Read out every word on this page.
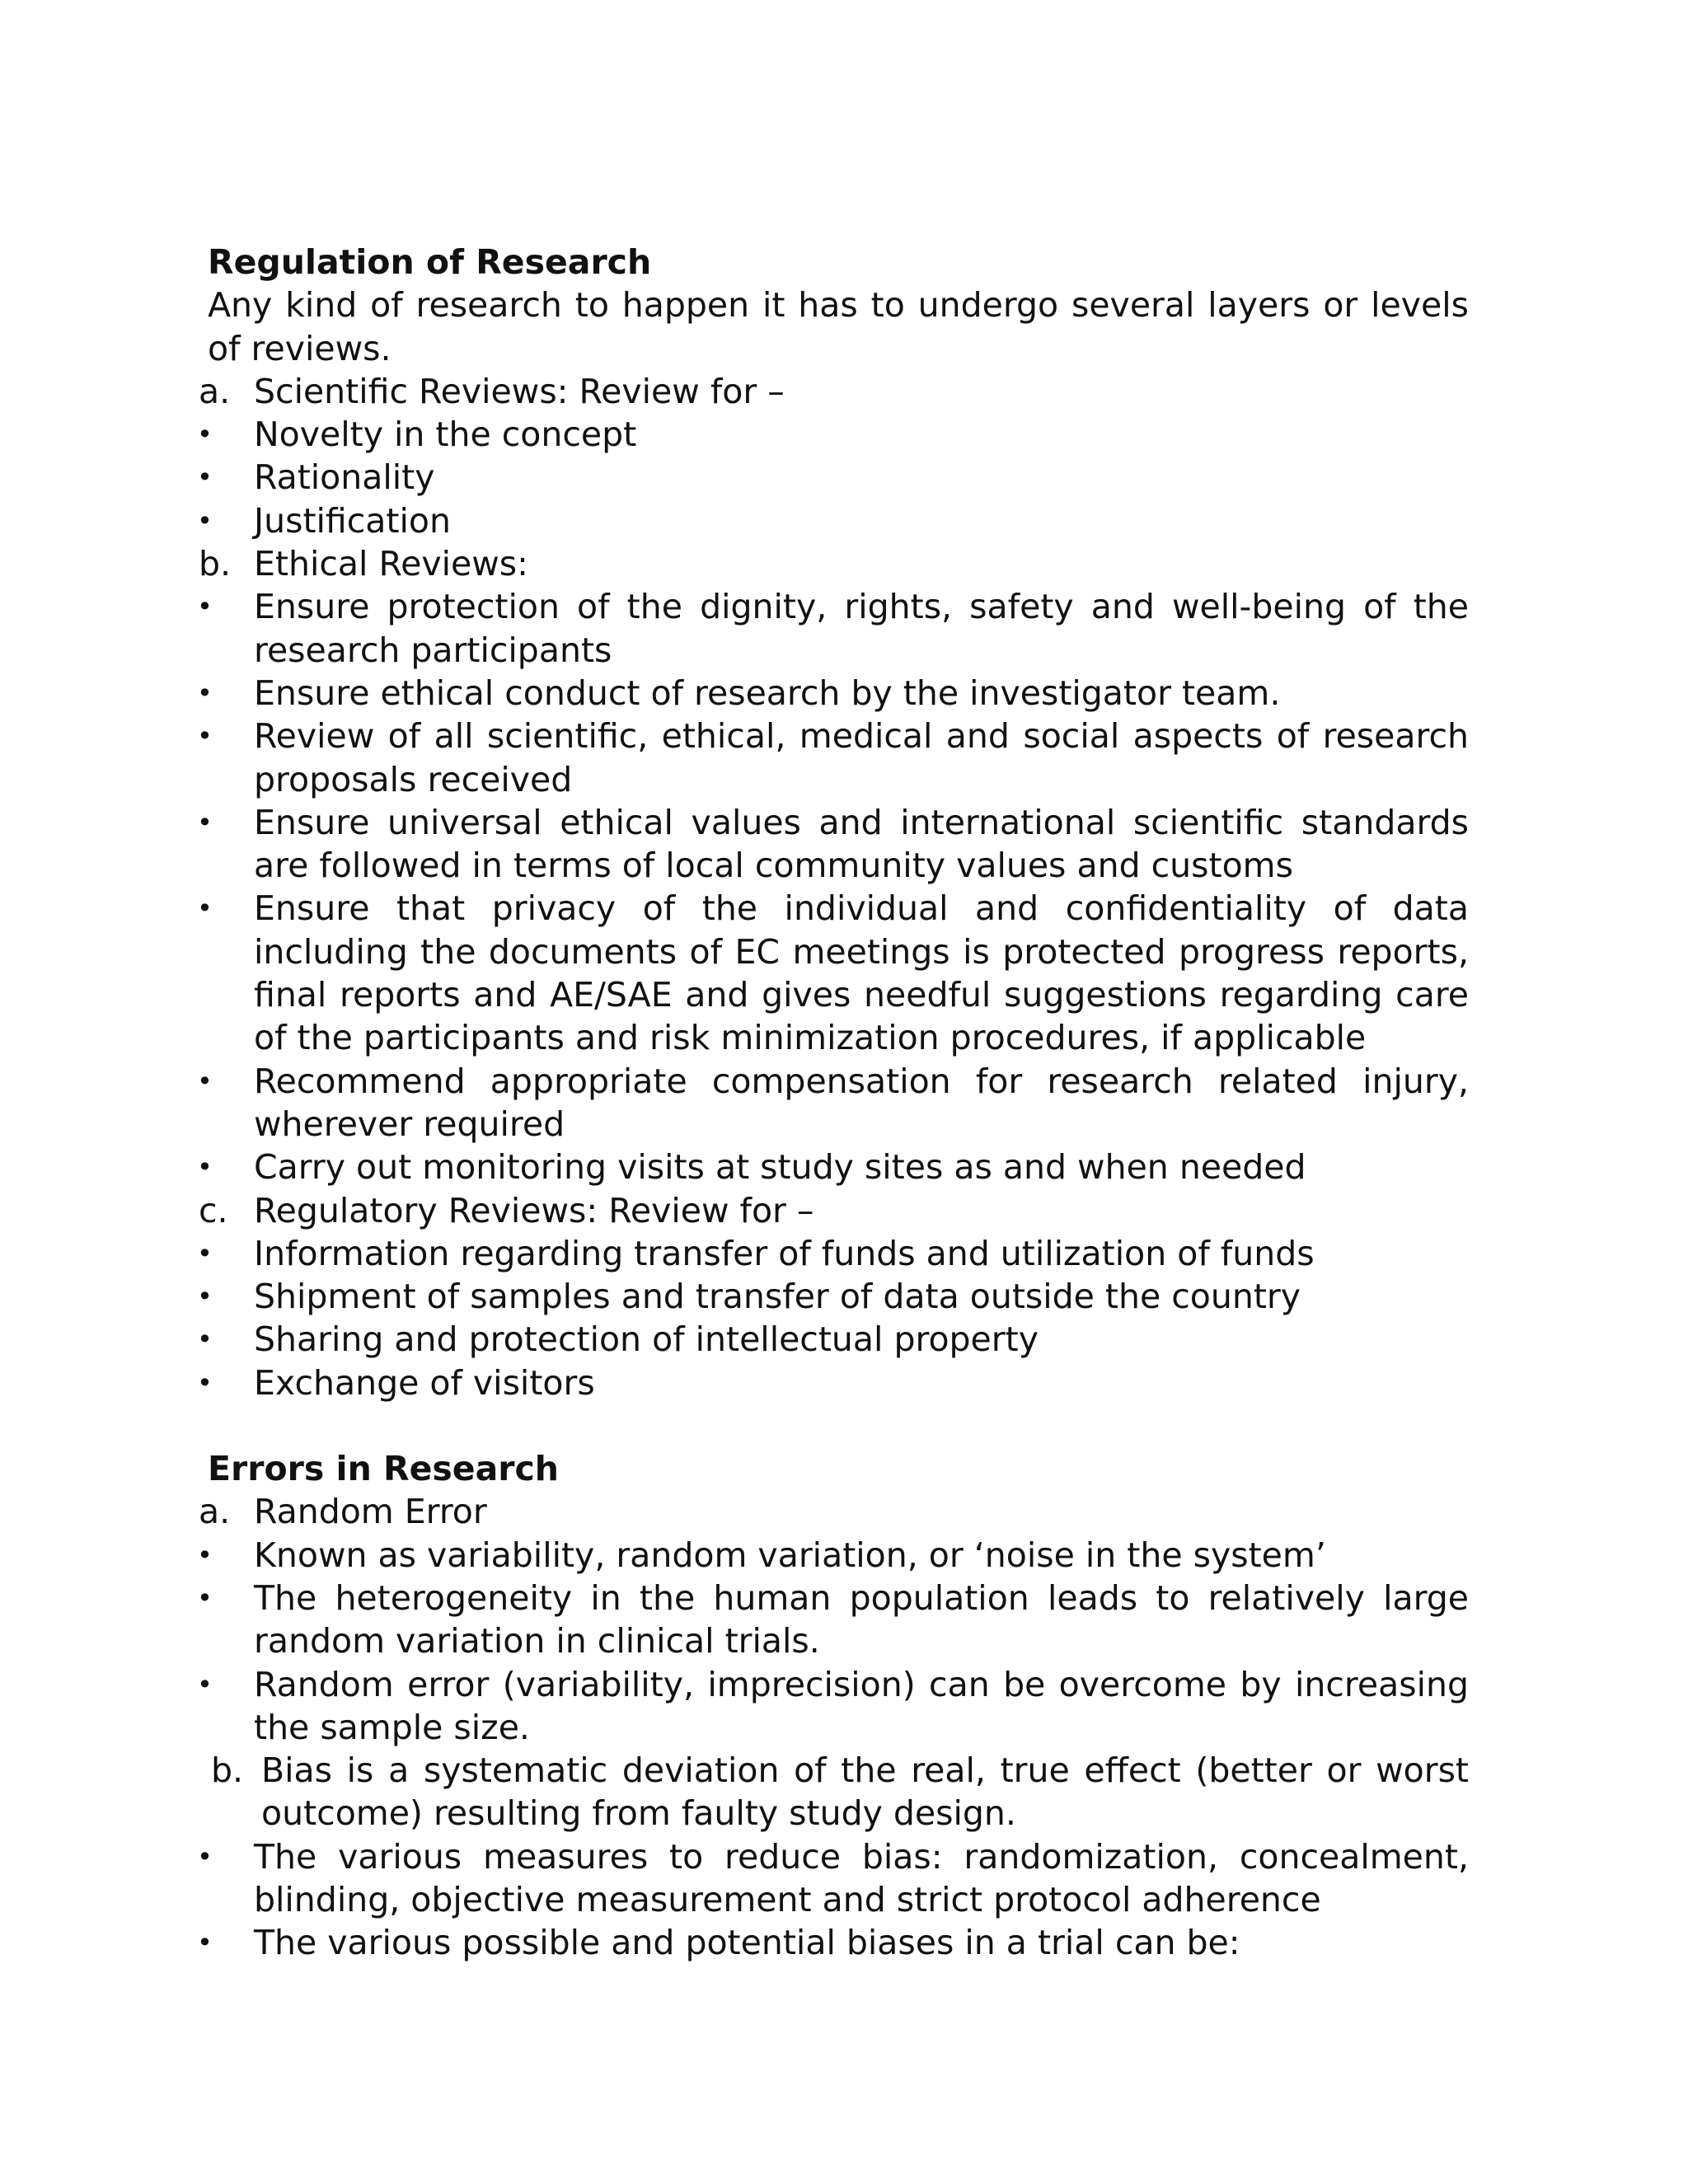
Regulation of Research

Any kind of research to happen it has to undergo several layers or levels of reviews.

a. Scientific Reviews: Review for –

• Novelty in the concept

• Rationality

• Justification

b. Ethical Reviews:

• Ensure protection of the dignity, rights, safety and well-being of the research participants

• Ensure ethical conduct of research by the investigator team.

• Review of all scientific, ethical, medical and social aspects of research proposals received

• Ensure universal ethical values and international scientific standards are followed in terms of local community values and customs

• Ensure that privacy of the individual and confidentiality of data including the documents of EC meetings is protected progress reports, final reports and AE/SAE and gives needful suggestions regarding care of the participants and risk minimization procedures, if applicable

• Recommend appropriate compensation for research related injury, wherever required

• Carry out monitoring visits at study sites as and when needed

c. Regulatory Reviews: Review for –

• Information regarding transfer of funds and utilization of funds

• Shipment of samples and transfer of data outside the country

• Sharing and protection of intellectual property

• Exchange of visitors

Errors in Research

a. Random Error

• Known as variability, random variation, or ‘noise in the system’

• The heterogeneity in the human population leads to relatively large random variation in clinical trials.

• Random error (variability, imprecision) can be overcome by increasing the sample size.

b. Bias is a systematic deviation of the real, true effect (better or worst outcome) resulting from faulty study design.

• The various measures to reduce bias: randomization, concealment, blinding, objective measurement and strict protocol adherence

• The various possible and potential biases in a trial can be:
